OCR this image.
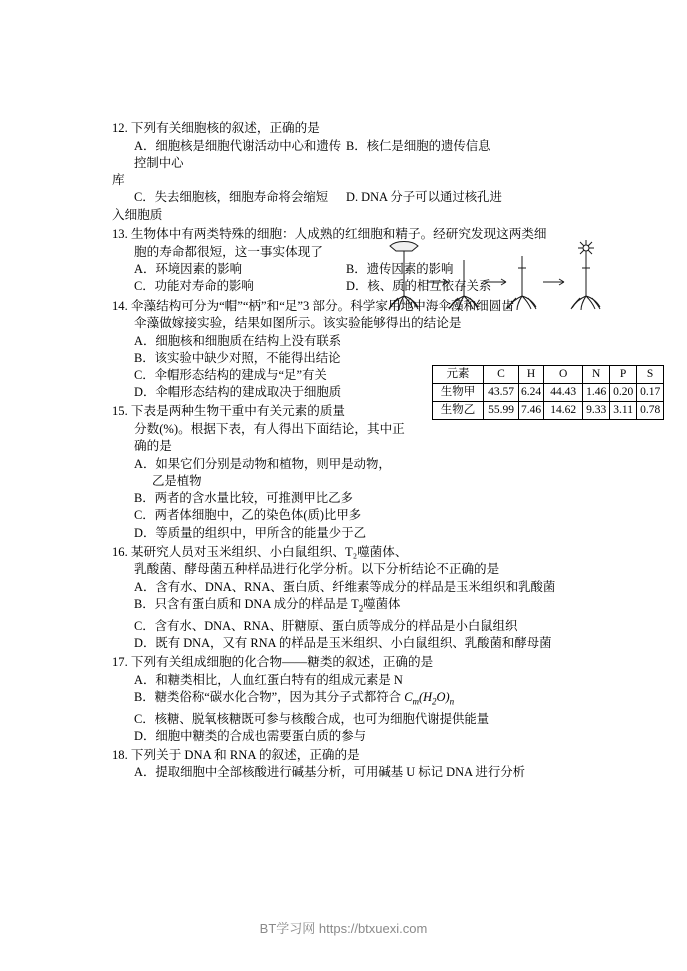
12. 下列有关细胞核的叙述，正确的是
A．细胞核是细胞代谢活动中心和遗传控制中心
B．核仁是细胞的遗传信息
库
C．失去细胞核，细胞寿命将会缩短	D. DNA 分子可以通过核孔进
入细胞质
13. 生物体中有两类特殊的细胞：人成熟的红细胞和精子。经研究发现这两类细
胞的寿命都很短，这一事实体现了
A．环境因素的影响	B．遗传因素的影响
C．功能对寿命的影响	D．核、质的相互依存关系
14. 伞藻结构可分为“帽”“柄”和“足”3 部分。科学家用地中海伞藻和细圆齿
伞藻做嫁接实验，结果如图所示。该实验能够得出的结论是
A．细胞核和细胞质在结构上没有联系
B．该实验中缺少对照，不能得出结论
C．伞帽形态结构的建成与“足”有关
D．伞帽形态结构的建成取决于细胞质
15. 下表是两种生物干重中有关元素的质量
分数(%)。根据下表，有人得出下面结论，其中正
确的是
A．如果它们分别是动物和植物，则甲是动物，
乙是植物
B．两者的含水量比较，可推测甲比乙多
C．两者体细胞中，乙的染色体(质)比甲多
D．等质量的组织中，甲所含的能量少于乙
16. 某研究人员对玉米组织、小白鼠组织、T₂噬菌体、
乳酸菌、酵母菌五种样品进行化学分析。以下分析结论不正确的是
A．含有水、DNA、RNA、蛋白质、纤维素等成分的样品是玉米组织和乳酸菌
B．只含有蛋白质和 DNA 成分的样品是 $T_2$噬菌体
C．含有水、DNA、RNA、肝糖原、蛋白质等成分的样品是小白鼠组织
D．既有 DNA，又有 RNA 的样品是玉米组织、小白鼠组织、乳酸菌和酵母菌
17. 下列有关组成细胞的化合物——糖类的叙述，正确的是
A．和糖类相比，人血红蛋白特有的组成元素是 N
B．糖类俗称“碳水化合物”，因为其分子式都符合 $C_m(H_2O)_n$
C．核糖、脱氧核糖既可参与核酸合成，也可为细胞代谢提供能量
D．细胞中糖类的合成也需要蛋白质的参与
18. 下列关于 DNA 和 RNA 的叙述，正确的是
A．提取细胞中全部核酸进行碱基分析，可用碱基 U 标记 DNA 进行分析
元素	C	H	O	N	P	S
生物甲	43.57	6.24	44.43	1.46	0.20	0.17
生物乙	55.99	7.46	14.62	9.33	3.11	0.78
BT学习网 https://btxuexi.com
